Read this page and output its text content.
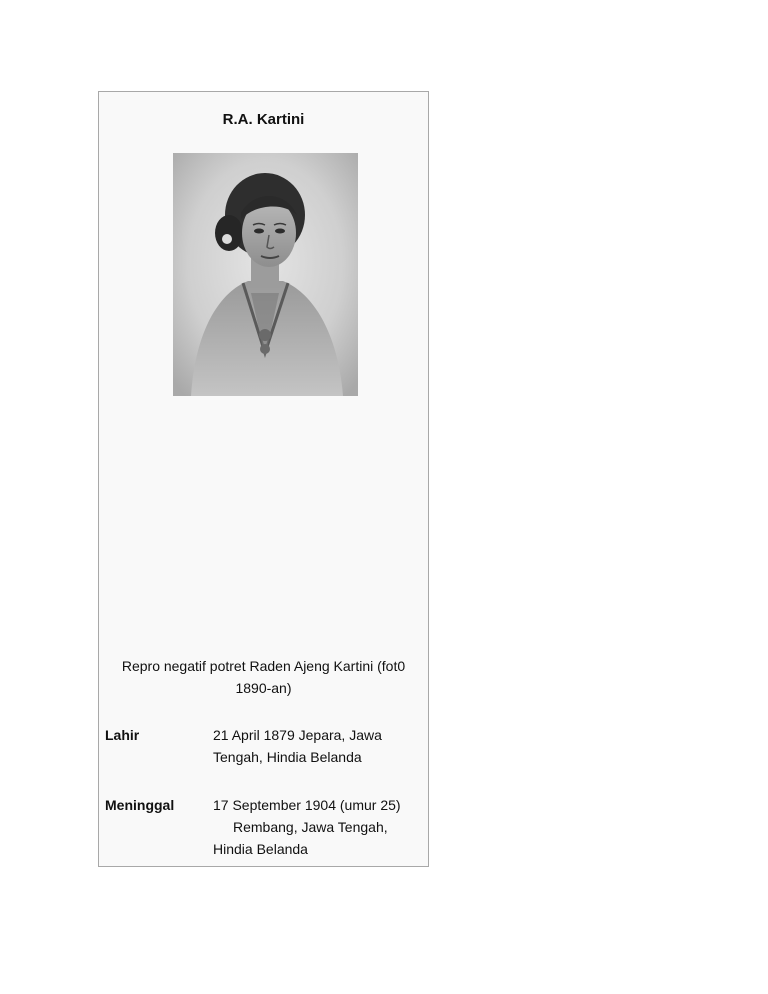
R.A. Kartini
Repro negatif potret Raden Ajeng Kartini (fot0
1890-an)
Lahir	21 April 1879 Jepara, Jawa
Tengah, Hindia Belanda
Meninggal	17 September 1904 (umur 25)
Rembang, Jawa Tengah,
Hindia Belanda
